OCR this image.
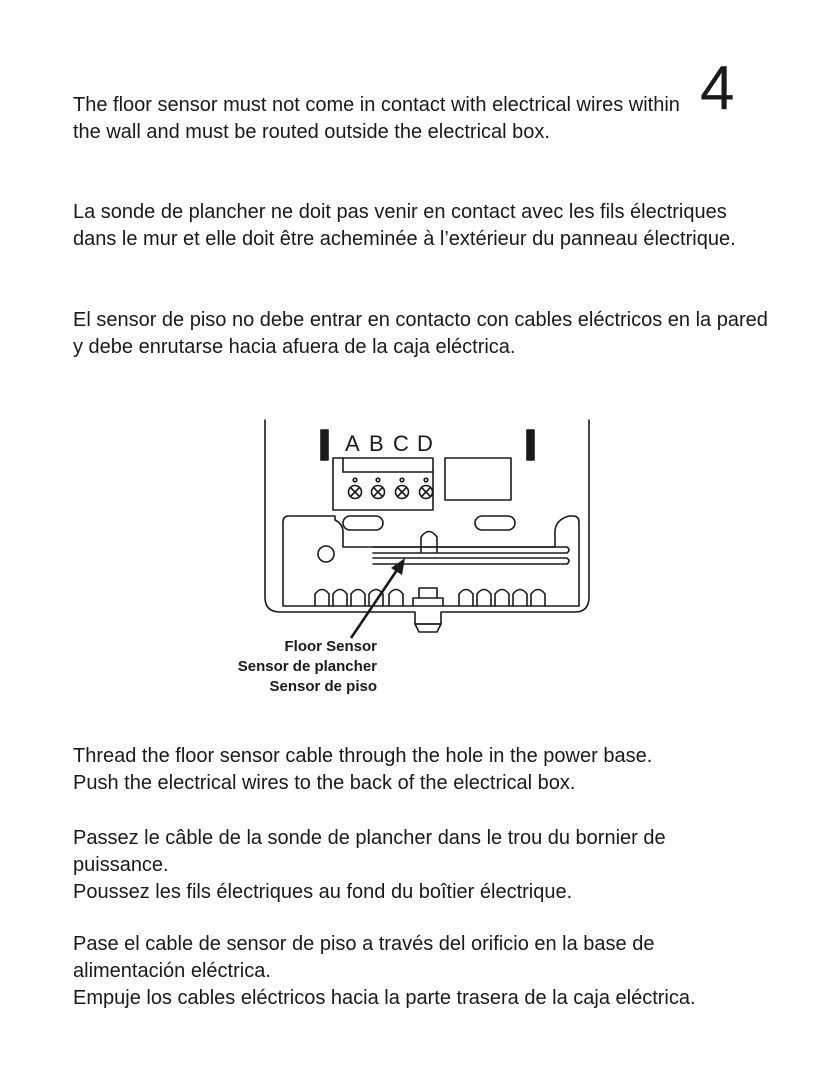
4

The floor sensor must not come in contact with electrical wires within the wall and must be routed outside the electrical box.

La sonde de plancher ne doit pas venir en contact avec les fils électriques dans le mur et elle doit être acheminée à l’extérieur du panneau électrique.

El sensor de piso no debe entrar en contacto con cables eléctricos en la pared y debe enrutarse hacia afuera de la caja eléctrica.

A B C D
Floor Sensor
Sensor de plancher
Sensor de piso
Thread the floor sensor cable through the hole in the power base.
Push the electrical wires to the back of the electrical box.
Passez le câble de la sonde de plancher dans le trou du bornier de puissance.
Poussez les fils électriques au fond du boîtier électrique.
Pase el cable de sensor de piso a través del orificio en la base de alimentación eléctrica.
Empuje los cables eléctricos hacia la parte trasera de la caja eléctrica.
